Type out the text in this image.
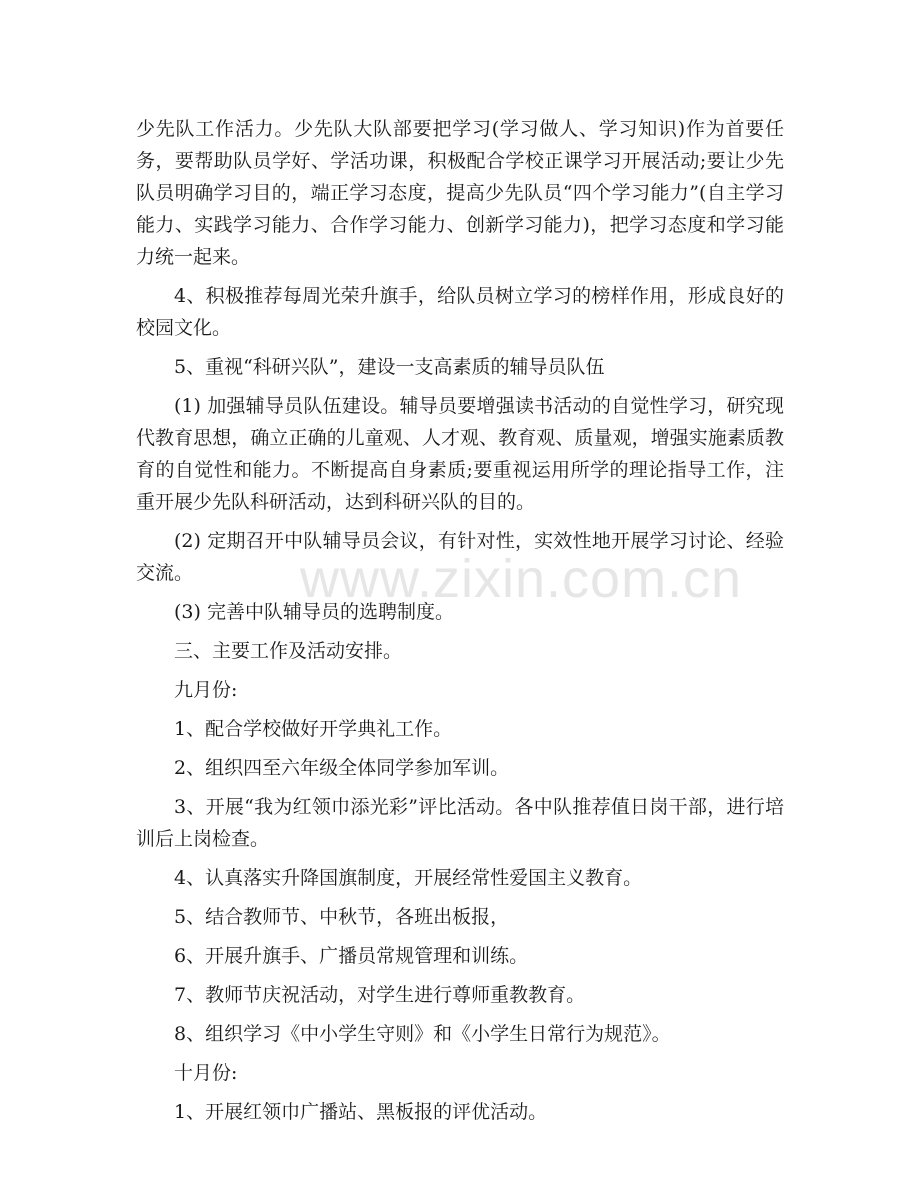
少先队工作活力。少先队大队部要把学习(学习做人、学习知识)作为首要任务，要帮助队员学好、学活功课，积极配合学校正课学习开展活动;要让少先队员明确学习目的，端正学习态度，提高少先队员“四个学习能力”(自主学习能力、实践学习能力、合作学习能力、创新学习能力)，把学习态度和学习能力统一起来。

4、积极推荐每周光荣升旗手，给队员树立学习的榜样作用，形成良好的校园文化。

5、重视“科研兴队”，建设一支高素质的辅导员队伍

(1) 加强辅导员队伍建设。辅导员要增强读书活动的自觉性学习，研究现代教育思想，确立正确的儿童观、人才观、教育观、质量观，增强实施素质教育的自觉性和能力。不断提高自身素质;要重视运用所学的理论指导工作，注重开展少先队科研活动，达到科研兴队的目的。

(2) 定期召开中队辅导员会议，有针对性，实效性地开展学习讨论、经验交流。

(3) 完善中队辅导员的选聘制度。

三、主要工作及活动安排。

九月份:

1、配合学校做好开学典礼工作。

2、组织四至六年级全体同学参加军训。

3、开展“我为红领巾添光彩”评比活动。各中队推荐值日岗干部，进行培训后上岗检查。

4、认真落实升降国旗制度，开展经常性爱国主义教育。

5、结合教师节、中秋节，各班出板报，

6、开展升旗手、广播员常规管理和训练。

7、教师节庆祝活动，对学生进行尊师重教教育。

8、组织学习《中小学生守则》和《小学生日常行为规范》。

十月份:

1、开展红领巾广播站、黑板报的评优活动。

www.zixin.com.cn
